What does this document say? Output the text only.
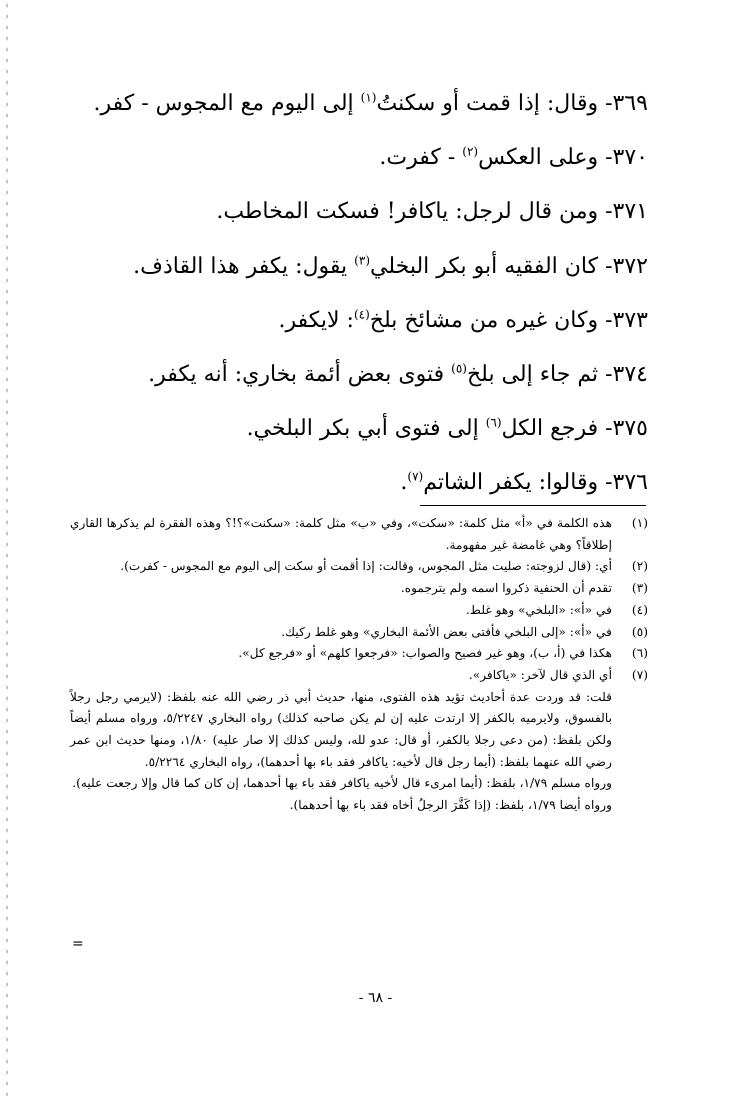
٣٦٩- وقال: إذا قمت أو سكنتُ$^{(١)}$ إلى اليوم مع المجوس - كفر.
٣٧٠- وعلى العكس$^{(٢)}$ - كفرت.
٣٧١- ومن قال لرجل: ياكافر! فسكت المخاطب.
٣٧٢- كان الفقيه أبو بكر البخلي$^{(٣)}$ يقول: يكفر هذا القاذف.
٣٧٣- وكان غيره من مشائخ بلخ$^{(٤)}$: لايكفر.
٣٧٤- ثم جاء إلى بلخ$^{(٥)}$ فتوى بعض أئمة بخاري: أنه يكفر.
٣٧٥- فرجع الكل$^{(٦)}$ إلى فتوى أبي بكر البلخي.
٣٧٦- وقالوا: يكفر الشاتم$^{(٧)}$.
(١)
هذه الكلمة في «أ» مثل كلمة: «سكت»، وفي «ب» مثل كلمة: «سكنت»؟!؟ وهذه الفقرة لم يذكرها القاري إطلاقاً؟ وهي غامضة غير مفهومة.
(٢)
أي: (قال لزوجته: صليت مثل المجوس، وقالت: إذا أقمت أو سكت إلى اليوم مع المجوس - كفرت).
(٣)
تقدم أن الحنفية ذكروا اسمه ولم يترجموه.
(٤)
في «أ»: «البلخي» وهو غلط.
(٥)
في «أ»: «إلى البلخي فأفتى بعض الأئمة البخاري» وهو غلط ركيك.
(٦)
هكذا في (أ، ب)، وهو غير فصيح والصواب: «فرجعوا كلهم» أو «فرجع كل».
(٧)
أي الذي قال لآخر: «ياكافر».
قلت: قد وردت عدة أحاديث تؤيد هذه الفتوى، منها، حديث أبي ذر رضي الله عنه بلفظ: (لايرمي رجل رجلاً بالفسوق، ولايرميه بالكفر إلا ارتدت عليه إن لم يكن صاحبه كذلك) رواه البخاري ٥/٢٢٤٧، ورواه مسلم أيضاً ولكن بلفظ: (من دعى رجلا بالكفر، أو قال: عدو لله، وليس كذلك إلا صار عليه) ١/٨٠، ومنها حديث ابن عمر رضي الله عنهما بلفظ: (أيما رجل قال لأخيه: ياكافر فقد باء بها أحدهما)، رواه البخاري ٥/٢٢٦٤.
ورواه مسلم ١/٧٩، بلفظ: (أيما امرىء قال لأخيه ياكافر فقد باء بها أحدهما، إن كان كما قال وإلا رجعت عليه).
ورواه أيضا ١/٧٩، بلفظ: (إذا كَفَّرَ الرجلُ أخاه فقد باء بها أحدهما).
=
- ٦٨ -
